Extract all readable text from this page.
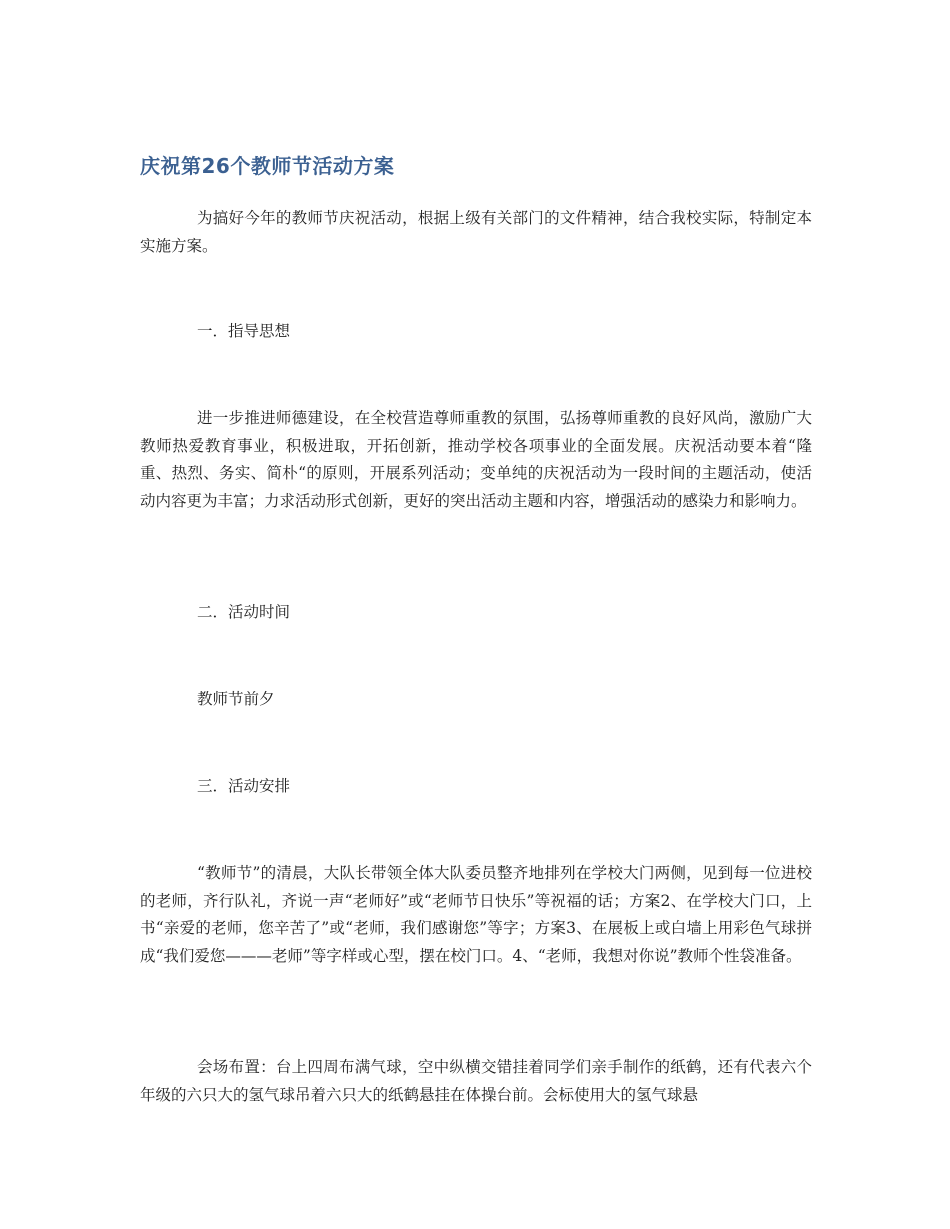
庆祝第26个教师节活动方案

为搞好今年的教师节庆祝活动，根据上级有关部门的文件精神，结合我校实际，特制定本实施方案。

一．指导思想

进一步推进师德建设，在全校营造尊师重教的氛围，弘扬尊师重教的良好风尚，激励广大教师热爱教育事业，积极进取，开拓创新，推动学校各项事业的全面发展。庆祝活动要本着“隆重、热烈、务实、简朴“的原则，开展系列活动；变单纯的庆祝活动为一段时间的主题活动，使活动内容更为丰富；力求活动形式创新，更好的突出活动主题和内容，增强活动的感染力和影响力。

二．活动时间

教师节前夕

三．活动安排

“教师节”的清晨，大队长带领全体大队委员整齐地排列在学校大门两侧，见到每一位进校的老师，齐行队礼，齐说一声“老师好”或“老师节日快乐”等祝福的话；方案2、在学校大门口，上书“亲爱的老师，您辛苦了”或“老师，我们感谢您”等字；方案3、在展板上或白墙上用彩色气球拼成“我们爱您———老师”等字样或心型，摆在校门口。4、“老师，我想对你说”教师个性袋准备。

会场布置：台上四周布满气球，空中纵横交错挂着同学们亲手制作的纸鹤，还有代表六个年级的六只大的氢气球吊着六只大的纸鹤悬挂在体操台前。会标使用大的氢气球悬
